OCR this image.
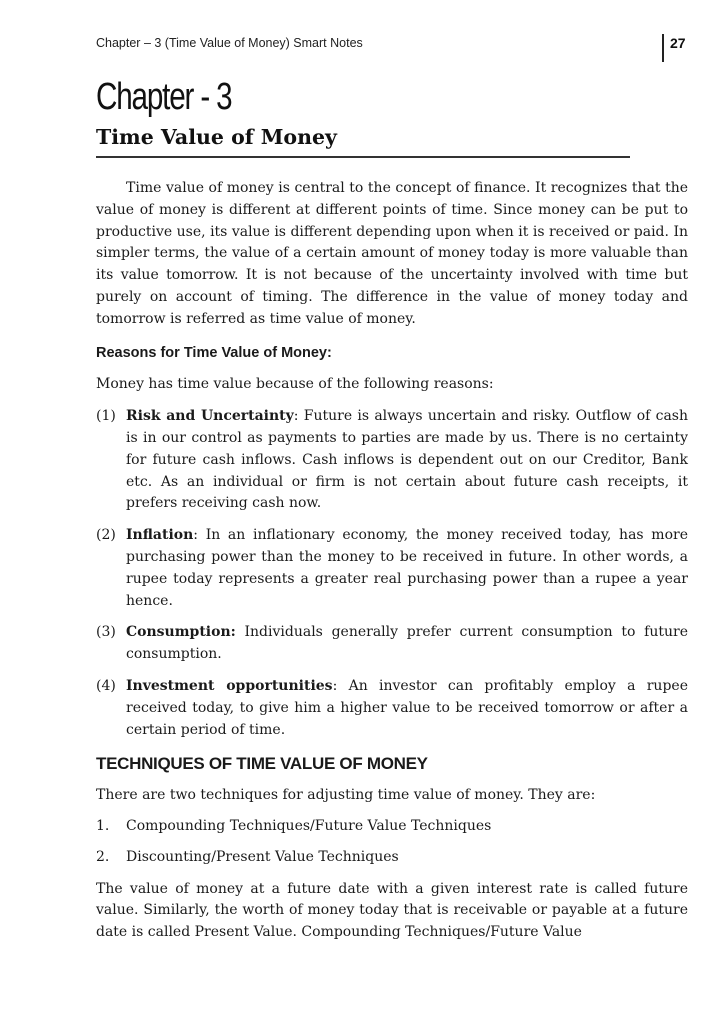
Chapter – 3 (Time Value of Money) Smart Notes	27
Chapter - 3
Time Value of Money

Time value of money is central to the concept of finance. It recognizes that the value of money is different at different points of time. Since money can be put to productive use, its value is different depending upon when it is received or paid. In simpler terms, the value of a certain amount of money today is more valuable than its value tomorrow. It is not because of the uncertainty involved with time but purely on account of timing. The difference in the value of money today and tomorrow is referred as time value of money.

Reasons for Time Value of Money:

Money has time value because of the following reasons:

(1) Risk and Uncertainty: Future is always uncertain and risky. Outflow of cash is in our control as payments to parties are made by us. There is no certainty for future cash inflows. Cash inflows is dependent out on our Creditor, Bank etc. As an individual or firm is not certain about future cash receipts, it prefers receiving cash now.
(2) Inflation: In an inflationary economy, the money received today, has more purchasing power than the money to be received in future. In other words, a rupee today represents a greater real purchasing power than a rupee a year hence.
(3) Consumption: Individuals generally prefer current consumption to future consumption.
(4) Investment opportunities: An investor can profitably employ a rupee received today, to give him a higher value to be received tomorrow or after a certain period of time.

TECHNIQUES OF TIME VALUE OF MONEY

There are two techniques for adjusting time value of money. They are:

1. Compounding Techniques/Future Value Techniques
2. Discounting/Present Value Techniques

The value of money at a future date with a given interest rate is called future value. Similarly, the worth of money today that is receivable or payable at a future date is called Present Value. Compounding Techniques/Future Value
